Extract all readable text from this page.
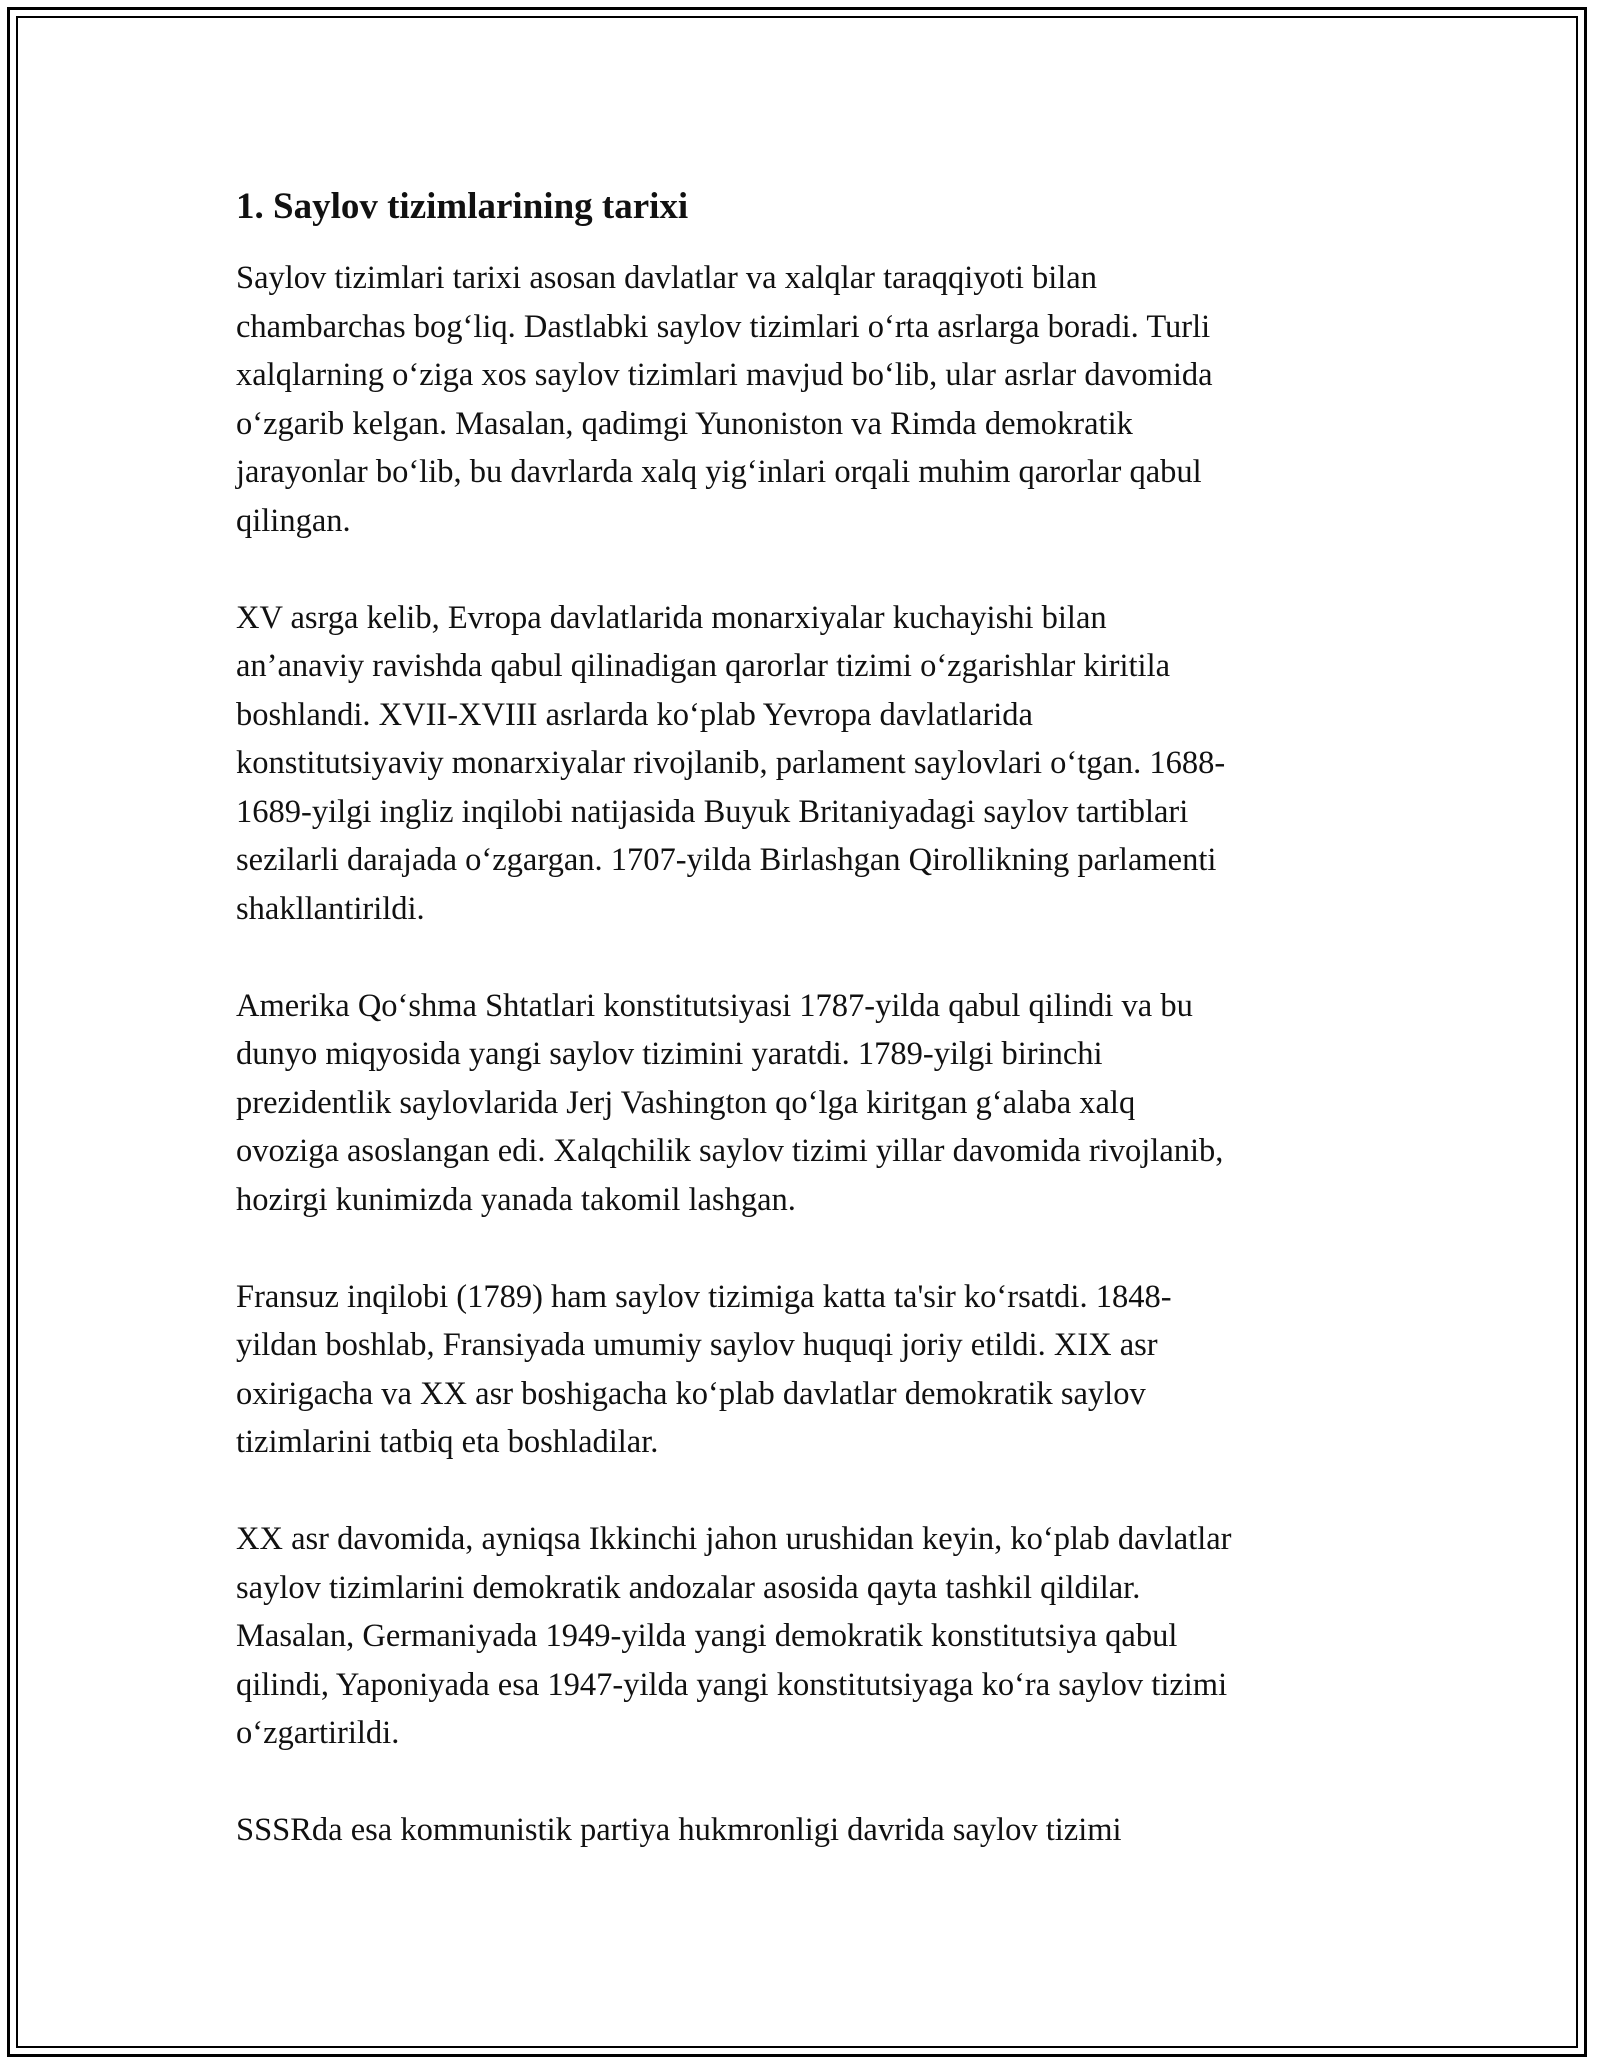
1. Saylov tizimlarining tarixi

Saylov tizimlari tarixi asosan davlatlar va xalqlar taraqqiyoti bilan
chambarchas bog‘liq. Dastlabki saylov tizimlari o‘rta asrlarga boradi. Turli
xalqlarning o‘ziga xos saylov tizimlari mavjud bo‘lib, ular asrlar davomida
o‘zgarib kelgan. Masalan, qadimgi Yunoniston va Rimda demokratik
jarayonlar bo‘lib, bu davrlarda xalq yig‘inlari orqali muhim qarorlar qabul
qilingan.

XV asrga kelib, Evropa davlatlarida monarxiyalar kuchayishi bilan
an’anaviy ravishda qabul qilinadigan qarorlar tizimi o‘zgarishlar kiritila
boshlandi. XVII-XVIII asrlarda ko‘plab Yevropa davlatlarida
konstitutsiyaviy monarxiyalar rivojlanib, parlament saylovlari o‘tgan. 1688-
1689-yilgi ingliz inqilobi natijasida Buyuk Britaniyadagi saylov tartiblari
sezilarli darajada o‘zgargan. 1707-yilda Birlashgan Qirollikning parlamenti
shakllantirildi.

Amerika Qo‘shma Shtatlari konstitutsiyasi 1787-yilda qabul qilindi va bu
dunyo miqyosida yangi saylov tizimini yaratdi. 1789-yilgi birinchi
prezidentlik saylovlarida Jerj Vashington qo‘lga kiritgan g‘alaba xalq
ovoziga asoslangan edi. Xalqchilik saylov tizimi yillar davomida rivojlanib,
hozirgi kunimizda yanada takomil lashgan.

Fransuz inqilobi (1789) ham saylov tizimiga katta ta'sir ko‘rsatdi. 1848-
yildan boshlab, Fransiyada umumiy saylov huquqi joriy etildi. XIX asr
oxirigacha va XX asr boshigacha ko‘plab davlatlar demokratik saylov
tizimlarini tatbiq eta boshladilar.

XX asr davomida, ayniqsa Ikkinchi jahon urushidan keyin, ko‘plab davlatlar
saylov tizimlarini demokratik andozalar asosida qayta tashkil qildilar.
Masalan, Germaniyada 1949-yilda yangi demokratik konstitutsiya qabul
qilindi, Yaponiyada esa 1947-yilda yangi konstitutsiyaga ko‘ra saylov tizimi
o‘zgartirildi.

SSSRda esa kommunistik partiya hukmronligi davrida saylov tizimi
